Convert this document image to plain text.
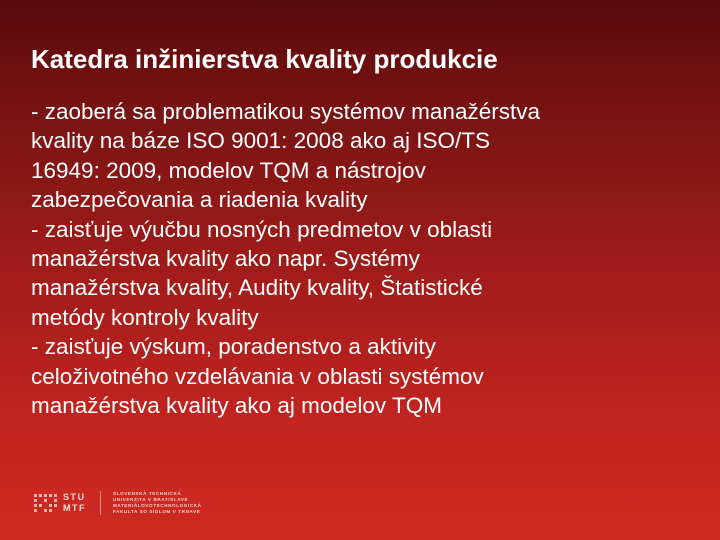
Katedra inžinierstva kvality produkcie
- zaoberá sa problematikou systémov manažérstva
kvality na báze ISO 9001: 2008 ako aj ISO/TS
16949: 2009, modelov TQM a nástrojov
zabezpečovania a riadenia kvality
- zaisťuje výučbu nosných predmetov v oblasti
manažérstva kvality ako napr. Systémy
manažérstva kvality, Audity kvality, Štatistické
metódy kontroly kvality
- zaisťuje výskum, poradenstvo a aktivity
celoživotného vzdelávania v oblasti systémov
manažérstva kvality ako aj modelov TQM
STU
MTF
SLOVENSKÁ TECHNICKÁ
UNIVERZITA V BRATISLAVE
MATERIÁLOVOTECHNOLOGICKÁ
FAKULTA SO SÍDLOM V TRNAVE
